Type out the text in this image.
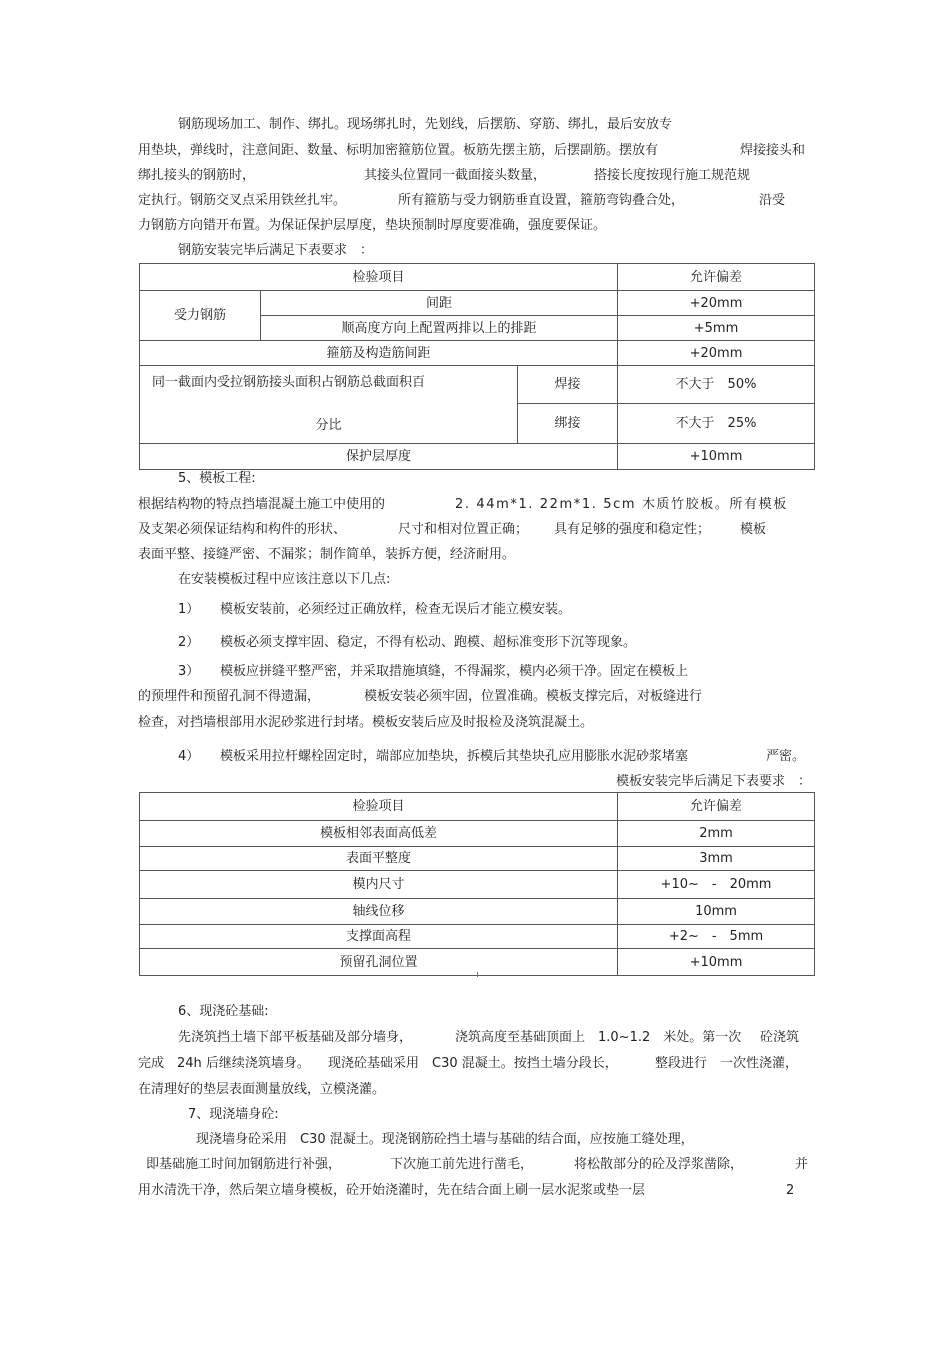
钢筋现场加工、制作、绑扎。现场绑扎时，先划线，后摆筋、穿筋、绑扎，最后安放专
用垫块，弹线时，注意间距、数量、标明加密箍筋位置。板筋先摆主筋，后摆副筋。摆放有	焊接接头和
绑扎接头的钢筋时，	其接头位置同一截面接头数量，	搭接长度按现行施工规范规
定执行。钢筋交叉点采用铁丝扎牢。	所有箍筋与受力钢筋垂直设置，箍筋弯钩叠合处，	沿受
力钢筋方向错开布置。为保证保护层厚度，垫块预制时厚度要准确，强度要保证。
钢筋安装完毕后满足下表要求　：
检验项目			允许偏差
受力钢筋	间距		+20mm
	顺高度方向上配置两排以上的排距		+5mm
箍筋及构造筋间距			+20mm

同一截面内受拉钢筋接头面积占钢筋总截面积百
分比		焊接	不大于　50%
		绑接	不大于　25%
保护层厚度			+10mm
5、模板工程:
根据结构物的特点挡墙混凝土施工中使用的	2. 44m*1. 22m*1. 5cm 木质竹胶板。所有模板
及支架必须保证结构和构件的形状、	尺寸和相对位置正确； 具有足够的强度和稳定性； 模板
表面平整、接缝严密、不漏浆；制作简单，装拆方便，经济耐用。
在安装模板过程中应该注意以下几点:
1） 模板安装前，必须经过正确放样，检查无误后才能立模安装。
2） 模板必须支撑牢固、稳定，不得有松动、跑模、超标准变形下沉等现象。
3） 模板应拼缝平整严密，并采取措施填缝，不得漏浆，模内必须干净。固定在模板上
的预埋件和预留孔洞不得遗漏，	模板安装必须牢固，位置准确。模板支撑完后，对板缝进行
检查，对挡墙根部用水泥砂浆进行封堵。模板安装后应及时报检及浇筑混凝土。
4） 模板采用拉杆螺栓固定时，端部应加垫块，拆模后其垫块孔应用膨胀水泥砂浆堵塞	严密。
模板安装完毕后满足下表要求　：
检验项目	允许偏差
模板相邻表面高低差	2mm
表面平整度	3mm
模内尺寸	+10~　-　20mm
轴线位移	10mm
支撑面高程	+2~　-　5mm
预留孔洞位置	+10mm
6、现浇砼基础:
先浇筑挡土墙下部平板基础及部分墙身，	浇筑高度至基础顶面上　1.0~1.2　米处。第一次 砼浇筑
完成　24h 后继续浇筑墙身。 现浇砼基础采用　C30 混凝土。按挡土墙分段长，	整段进行　一次性浇灌，
在清理好的垫层表面测量放线，立模浇灌。
7、现浇墙身砼:
现浇墙身砼采用　C30 混凝土。现浇钢筋砼挡土墙与基础的结合面，应按施工缝处理，
即基础施工时间加钢筋进行补强，	下次施工前先进行凿毛，	将松散部分的砼及浮浆凿除，	并
用水清洗干净，然后架立墙身模板，砼开始浇灌时，先在结合面上刷一层水泥浆或垫一层	2
